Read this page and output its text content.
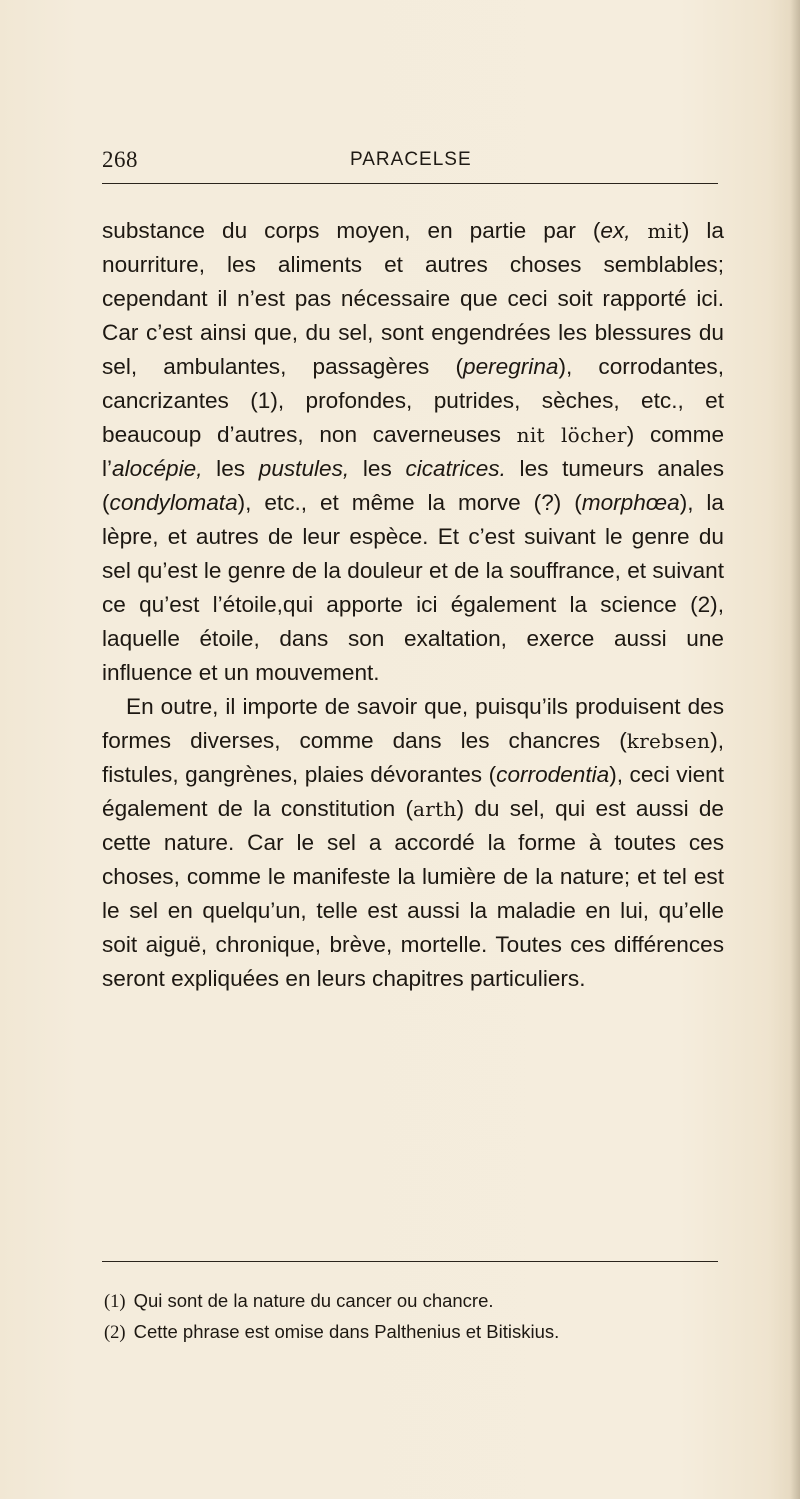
268	PARACELSE

substance du corps moyen, en partie par (ex, mit) la nourriture, les aliments et autres choses semblables; cependant il n’est pas nécessaire que ceci soit rapporté ici. Car c’est ainsi que, du sel, sont engendrées les blessures du sel, ambulantes, passagères (peregrina), corrodantes, cancrizantes (1), profondes, putrides, sèches, etc., et beaucoup d’autres, non caverneuses nit löcher) comme l’alocépie, les pustules, les cicatrices. les tumeurs anales (condylomata), etc., et même la morve (?) (morphœa), la lèpre, et autres de leur espèce. Et c’est suivant le genre du sel qu’est le genre de la douleur et de la souffrance, et suivant ce qu’est l’étoile,qui apporte ici également la science (2), laquelle étoile, dans son exaltation, exerce aussi une influence et un mouvement.

En outre, il importe de savoir que, puisqu’ils produisent des formes diverses, comme dans les chancres (krebsen), fistules, gangrènes, plaies dévorantes (corrodentia), ceci vient également de la constitution (arth) du sel, qui est aussi de cette nature. Car le sel a accordé la forme à toutes ces choses, comme le manifeste la lumière de la nature; et tel est le sel en quelqu’un, telle est aussi la maladie en lui, qu’elle soit aiguë, chronique, brève, mortelle. Toutes ces différences seront expliquées en leurs chapitres particuliers.

(1) Qui sont de la nature du cancer ou chancre.
(2) Cette phrase est omise dans Palthenius et Bitiskius.
